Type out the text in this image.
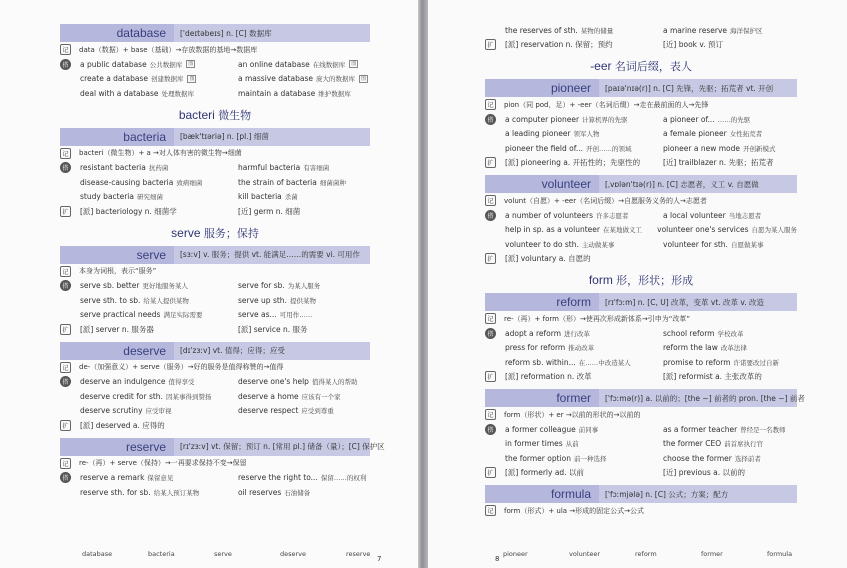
database	['deɪtəbeɪs] n. [C] 数据库
记	data（数据）+ base（基础）→存放数据的基地→数据库
搭	a public database 公共数据库	图	an online database 在线数据库	图
create a database 创建数据库	图	a massive database 庞大的数据库	图
deal with a database 处理数据库	maintain a database 维护数据库
bacteri 微生物
bacteria	[bæk'tɪəriə] n. [pl.] 细菌
记	bacteri（微生物）+ a →对人体有害的微生物→细菌
搭	resistant bacteria 抗药菌	harmful bacteria 有害细菌
disease-causing bacteria 致病细菌	the strain of bacteria 细菌菌种
study bacteria 研究细菌	kill bacteria 杀菌
扩	[派] bacteriology n. 细菌学	[近] germ n. 细菌
serve 服务；保持
serve	[sɜːv] v. 服务；提供 vt. 能满足……的需要 vi. 可用作
记	本身为词根，表示“服务”
搭	serve sb. better 更好地服务某人	serve for sb. 为某人服务
serve sth. to sb. 给某人提供某物	serve up sth. 提供某物
serve practical needs 满足实际需要	serve as... 可用作……
扩	[派] server n. 服务器	[派] service n. 服务
deserve	[dɪ'zɜːv] vt. 值得；应得；应受
记	de-（加强意义）+ serve（服务）→好的服务是值得称赞的→值得
搭	deserve an indulgence 值得享受	deserve one's help 值得某人的帮助
deserve credit for sth. 因某事得到赞扬	deserve a home 应该有一个家
deserve scrutiny 应受审视	deserve respect 应受到尊重
扩	[派] deserved a. 应得的
reserve	[rɪ'zɜːv] vt. 保留；预订 n. [常用 pl.] 储备（量）；[C] 保护区
记	re-（再）+ serve（保持）→一再要求保持不变→保留
搭	reserve a remark 保留意见	reserve the right to... 保留……的权利
reserve sth. for sb. 给某人预订某物	oil reserves 石油储备
database	bacteria	serve	deserve	reserve
7
the reserves of sth. 某物的储量	a marine reserve 海洋保护区
扩	[派] reservation n. 保留；预约	[近] book v. 预订
-eer 名词后缀，表人
pioneer	[paɪə'nɪə(r)] n. [C] 先锋，先驱；拓荒者 vt. 开创
记	pion（同 pod，足）+ -eer（名词后缀）→走在最前面的人→先锋
搭	a computer pioneer 计算机界的先驱	a pioneer of... ……的先驱
a leading pioneer 领军人物	a female pioneer 女性拓荒者
pioneer the field of... 开创……的领域	pioneer a new mode 开创新模式
扩	[派] pioneering a. 开拓性的；先驱性的	[近] trailblazer n. 先驱；拓荒者
volunteer	[ˌvɒlən'tɪə(r)] n. [C] 志愿者，义工 v. 自愿做
记	volunt（自愿）+ -eer（名词后缀）→自愿服务义务的人→志愿者
搭	a number of volunteers 许多志愿者	a local volunteer 当地志愿者
help in sp. as a volunteer 在某地做义工 volunteer one's services 自愿为某人服务
volunteer to do sth. 主动做某事	volunteer for sth. 自愿做某事
扩	[派] voluntary a. 自愿的
form 形，形状；形成
reform	[rɪ'fɔːm] n. [C, U] 改革，变革 vt. 改革 v. 改造
记	re-（再）+ form（形）→使再次形成新体系→引申为“改革”
搭	adopt a reform 进行改革	school reform 学校改革
press for reform 推动改革	reform the law 改革法律
reform sb. within... 在……中改造某人	promise to reform 许诺要改过自新
扩	[派] reformation n. 改革	[派] reformist a. 主张改革的
former	['fɔːmə(r)] a. 以前的；[the ~] 前者的 pron. [the ~] 前者
记	form（形状）+ er →以前的形状的→以前的
搭	a former colleague 前同事	as a former teacher 曾经是一名教师
in former times 从前	the former CEO 前首席执行官
the former option 前一种选择	choose the former 选择前者
扩	[派] formerly ad. 以前	[近] previous a. 以前的
formula	['fɔːmjələ] n. [C] 公式；方案；配方
记	form（形式）+ ula →形成的固定公式→公式
pioneer	volunteer	reform	former	formula
8
